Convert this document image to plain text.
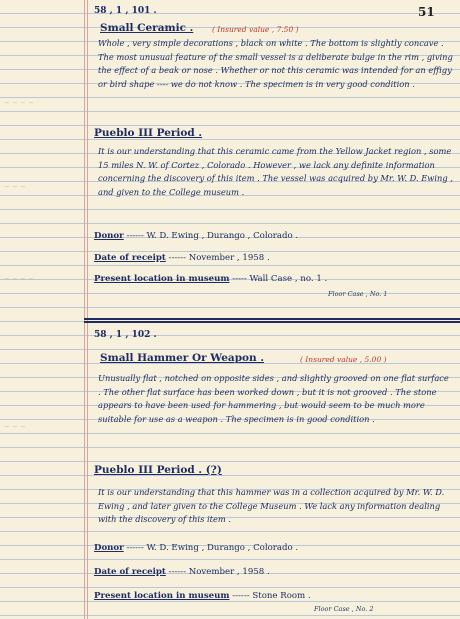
~ ~ ~ ~
~ ~ ~
~ ~ ~ ~
~ ~ ~
51
58 , 1 , 101 .
Small Ceramic . ( Insured value , 7.50 )
Whole , very simple decorations , black on white . The bottom is slightly concave . The most unusual feature of the small vessel is a deliberate bulge in the rim , giving the effect of a beak or nose . Whether or not this ceramic was intended for an effigy or bird shape ---- we do not know . The specimen is in very good condition .
Pueblo III Period .
It is our understanding that this ceramic came from the Yellow Jacket region , some 15 miles N. W. of Cortez , Colorado . However , we lack any definite information concerning the discovery of this item . The vessel was acquired by Mr. W. D. Ewing , and given to the College museum .
Donor ------ W. D. Ewing , Durango , Colorado .
Date of receipt ------ November , 1958 .
Present location in museum ----- Wall Case , no. 1 .
Floor Case , No. 1
58 , 1 , 102 .
Small Hammer Or Weapon .	( Insured value , 5.00 )
Unusually flat , notched on opposite sides , and slightly grooved on one flat surface . The other flat surface has been worked down , but it is not grooved . The stone appears to have been used for hammering , but would seem to be much more suitable for use as a weapon . The specimen is in good condition .
Pueblo III Period . (?)
It is our understanding that this hammer was in a collection acquired by Mr. W. D. Ewing , and later given to the College Museum . We lack any information dealing with the discovery of this item .
Donor ------ W. D. Ewing , Durango , Colorado .
Date of receipt ------ November , 1958 .
Present location in museum ------ Stone Room .
Floor Case , No. 2
